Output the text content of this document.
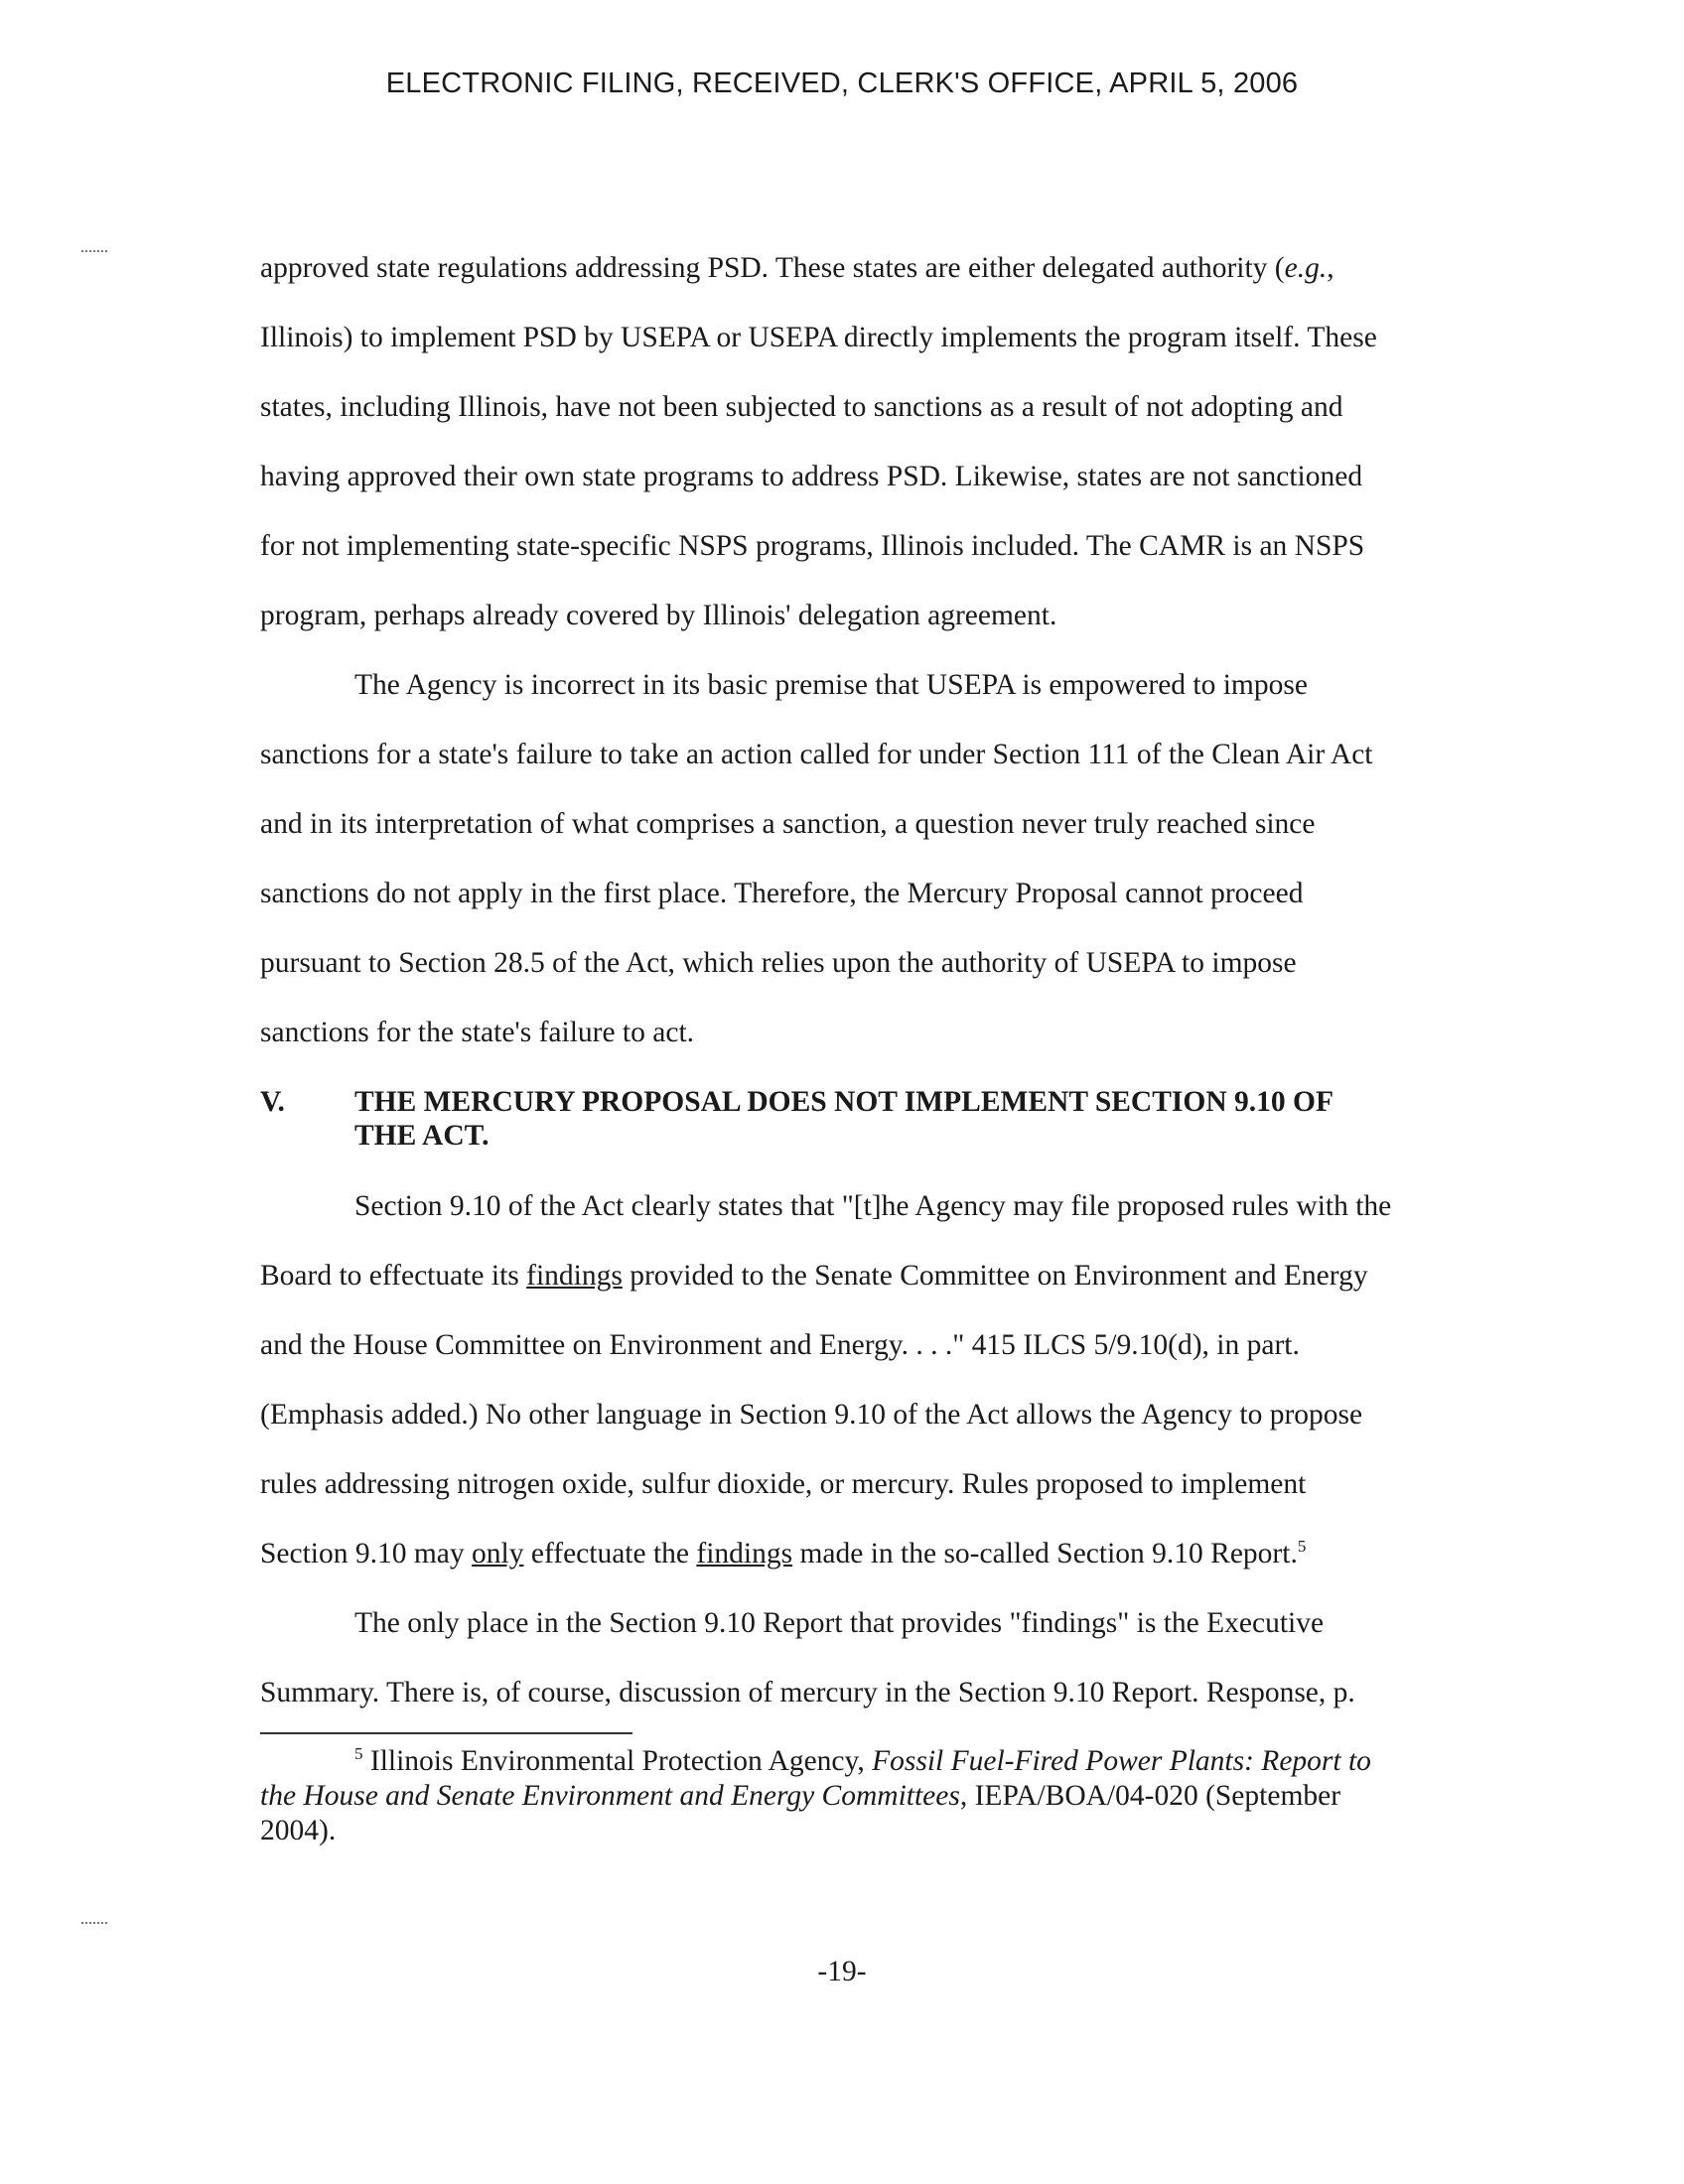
ELECTRONIC FILING, RECEIVED, CLERK'S OFFICE, APRIL 5, 2006
approved state regulations addressing PSD. These states are either delegated authority (e.g.,
Illinois) to implement PSD by USEPA or USEPA directly implements the program itself. These
states, including Illinois, have not been subjected to sanctions as a result of not adopting and
having approved their own state programs to address PSD. Likewise, states are not sanctioned
for not implementing state-specific NSPS programs, Illinois included. The CAMR is an NSPS
program, perhaps already covered by Illinois' delegation agreement.
The Agency is incorrect in its basic premise that USEPA is empowered to impose
sanctions for a state's failure to take an action called for under Section 111 of the Clean Air Act
and in its interpretation of what comprises a sanction, a question never truly reached since
sanctions do not apply in the first place. Therefore, the Mercury Proposal cannot proceed
pursuant to Section 28.5 of the Act, which relies upon the authority of USEPA to impose
sanctions for the state's failure to act.
V. THE MERCURY PROPOSAL DOES NOT IMPLEMENT SECTION 9.10 OF
THE ACT.
Section 9.10 of the Act clearly states that "[t]he Agency may file proposed rules with the
Board to effectuate its findings provided to the Senate Committee on Environment and Energy
and the House Committee on Environment and Energy. . . ." 415 ILCS 5/9.10(d), in part.
(Emphasis added.) No other language in Section 9.10 of the Act allows the Agency to propose
rules addressing nitrogen oxide, sulfur dioxide, or mercury. Rules proposed to implement
Section 9.10 may only effectuate the findings made in the so-called Section 9.10 Report.$^5$
The only place in the Section 9.10 Report that provides "findings" is the Executive
Summary. There is, of course, discussion of mercury in the Section 9.10 Report. Response, p.
$^5$ Illinois Environmental Protection Agency, Fossil Fuel-Fired Power Plants: Report to
the House and Senate Environment and Energy Committees, IEPA/BOA/04-020 (September
2004).
-19-
